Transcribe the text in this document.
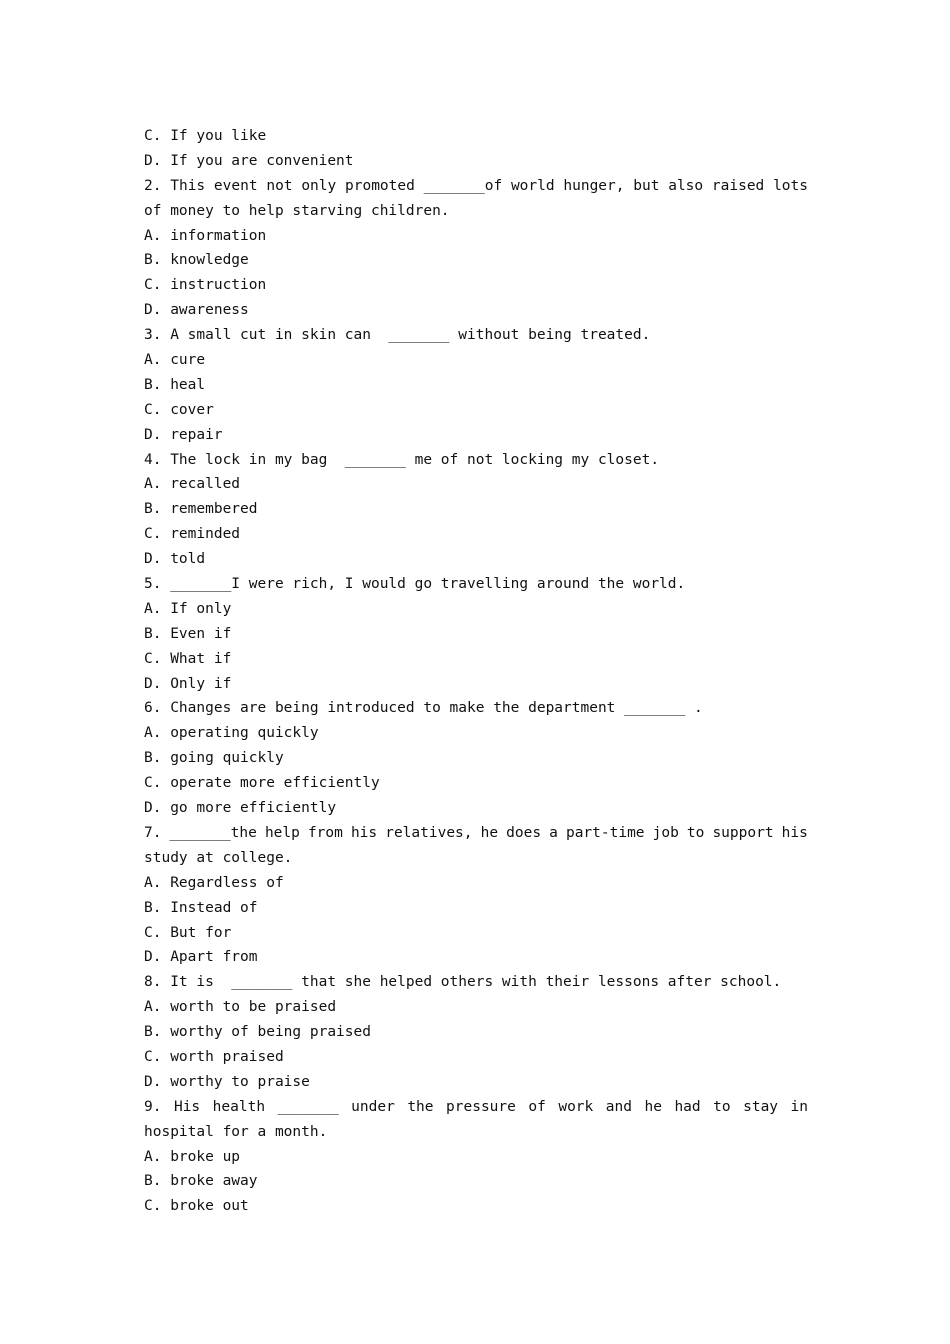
C. If you like
D. If you are convenient
2. This event not only promoted _______of world hunger, but also raised lots
of money to help starving children.
A. information
B. knowledge
C. instruction
D. awareness
3. A small cut in skin can  _______ without being treated.
A. cure
B. heal
C. cover
D. repair
4. The lock in my bag  _______ me of not locking my closet.
A. recalled
B. remembered
C. reminded
D. told
5. _______I were rich, I would go travelling around the world.
A. If only
B. Even if
C. What if
D. Only if
6. Changes are being introduced to make the department _______ .
A. operating quickly
B. going quickly
C. operate more efficiently
D. go more efficiently
7. _______the help from his relatives, he does a part-time job to support his
study at college.
A. Regardless of
B. Instead of
C. But for
D. Apart from
8. It is  _______ that she helped others with their lessons after school.
A. worth to be praised
B. worthy of being praised
C. worth praised
D. worthy to praise
9. His health _______ under the pressure of work and he had to stay in
hospital for a month.
A. broke up
B. broke away
C. broke out
